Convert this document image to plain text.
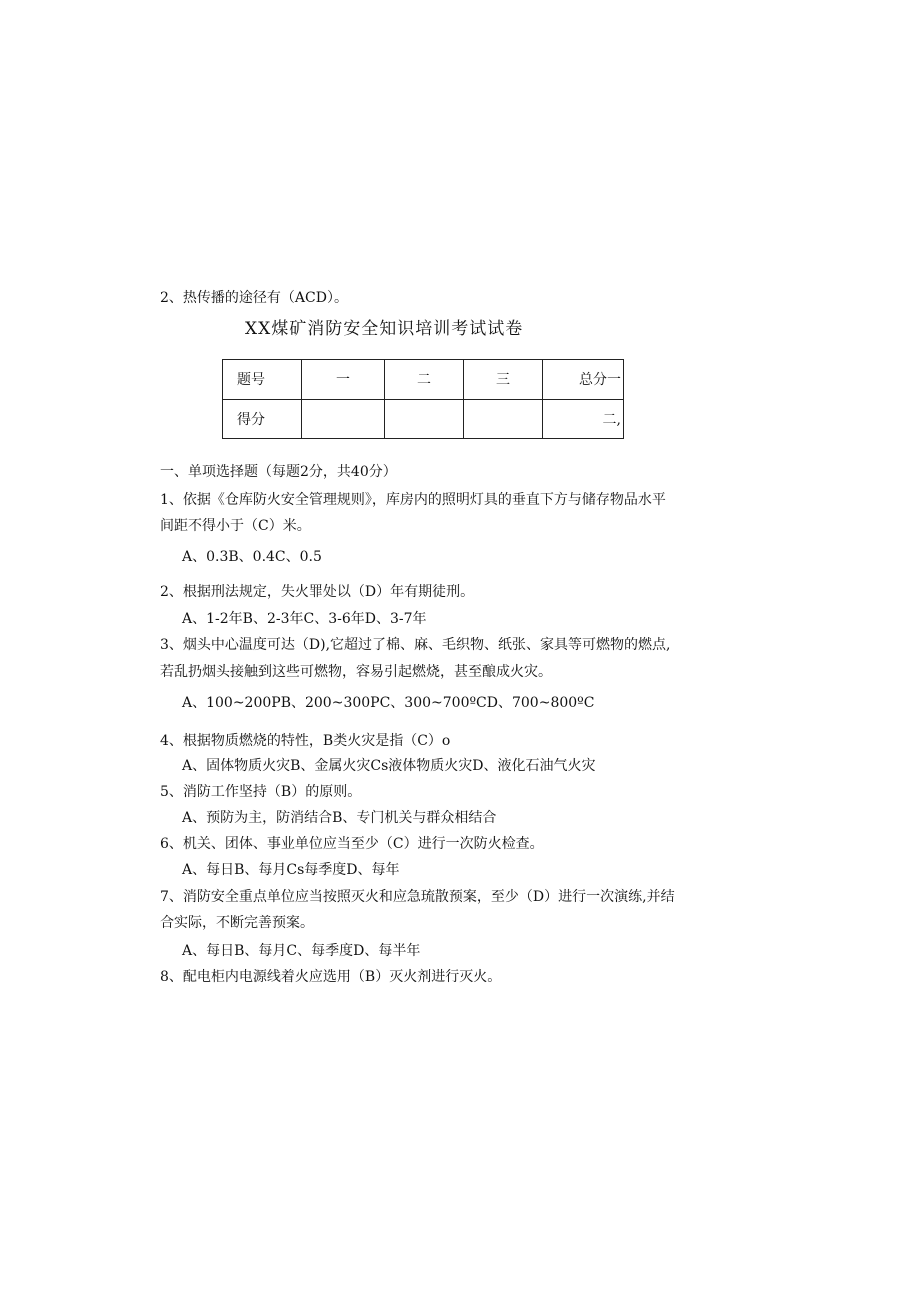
2、热传播的途径有（ACD）。
XX煤矿消防安全知识培训考试试卷
题号	一	二	三	总分一
得分				二,
一、单项选择题（每题2分，共40分）
1、依据《仓库防火安全管理规则》，库房内的照明灯具的垂直下方与储存物品水平
间距不得小于（C）米。
A、0.3B、0.4C、0.5
2、根据刑法规定，失火罪处以（D）年有期徒刑。
A、1-2年B、2-3年C、3-6年D、3-7年
3、烟头中心温度可达（D),它超过了棉、麻、毛织物、纸张、家具等可燃物的燃点,
若乱扔烟头接触到这些可燃物，容易引起燃烧，甚至酿成火灾。
A、100~200PB、200~300PC、300~700ºCD、700~800ºC
4、根据物质燃烧的特性，B类火灾是指（C）o
A、固体物质火灾B、金属火灾Cs液体物质火灾D、液化石油气火灾
5、消防工作坚持（B）的原则。
A、预防为主，防消结合B、专门机关与群众相结合
6、机关、团体、事业单位应当至少（C）进行一次防火检查。
A、每日B、每月Cs每季度D、每年
7、消防安全重点单位应当按照灭火和应急琉散预案，至少（D）进行一次演练,并结
合实际，不断完善预案。
A、每日B、每月C、每季度D、每半年
8、配电柜内电源线着火应选用（B）灭火剂进行灭火。
